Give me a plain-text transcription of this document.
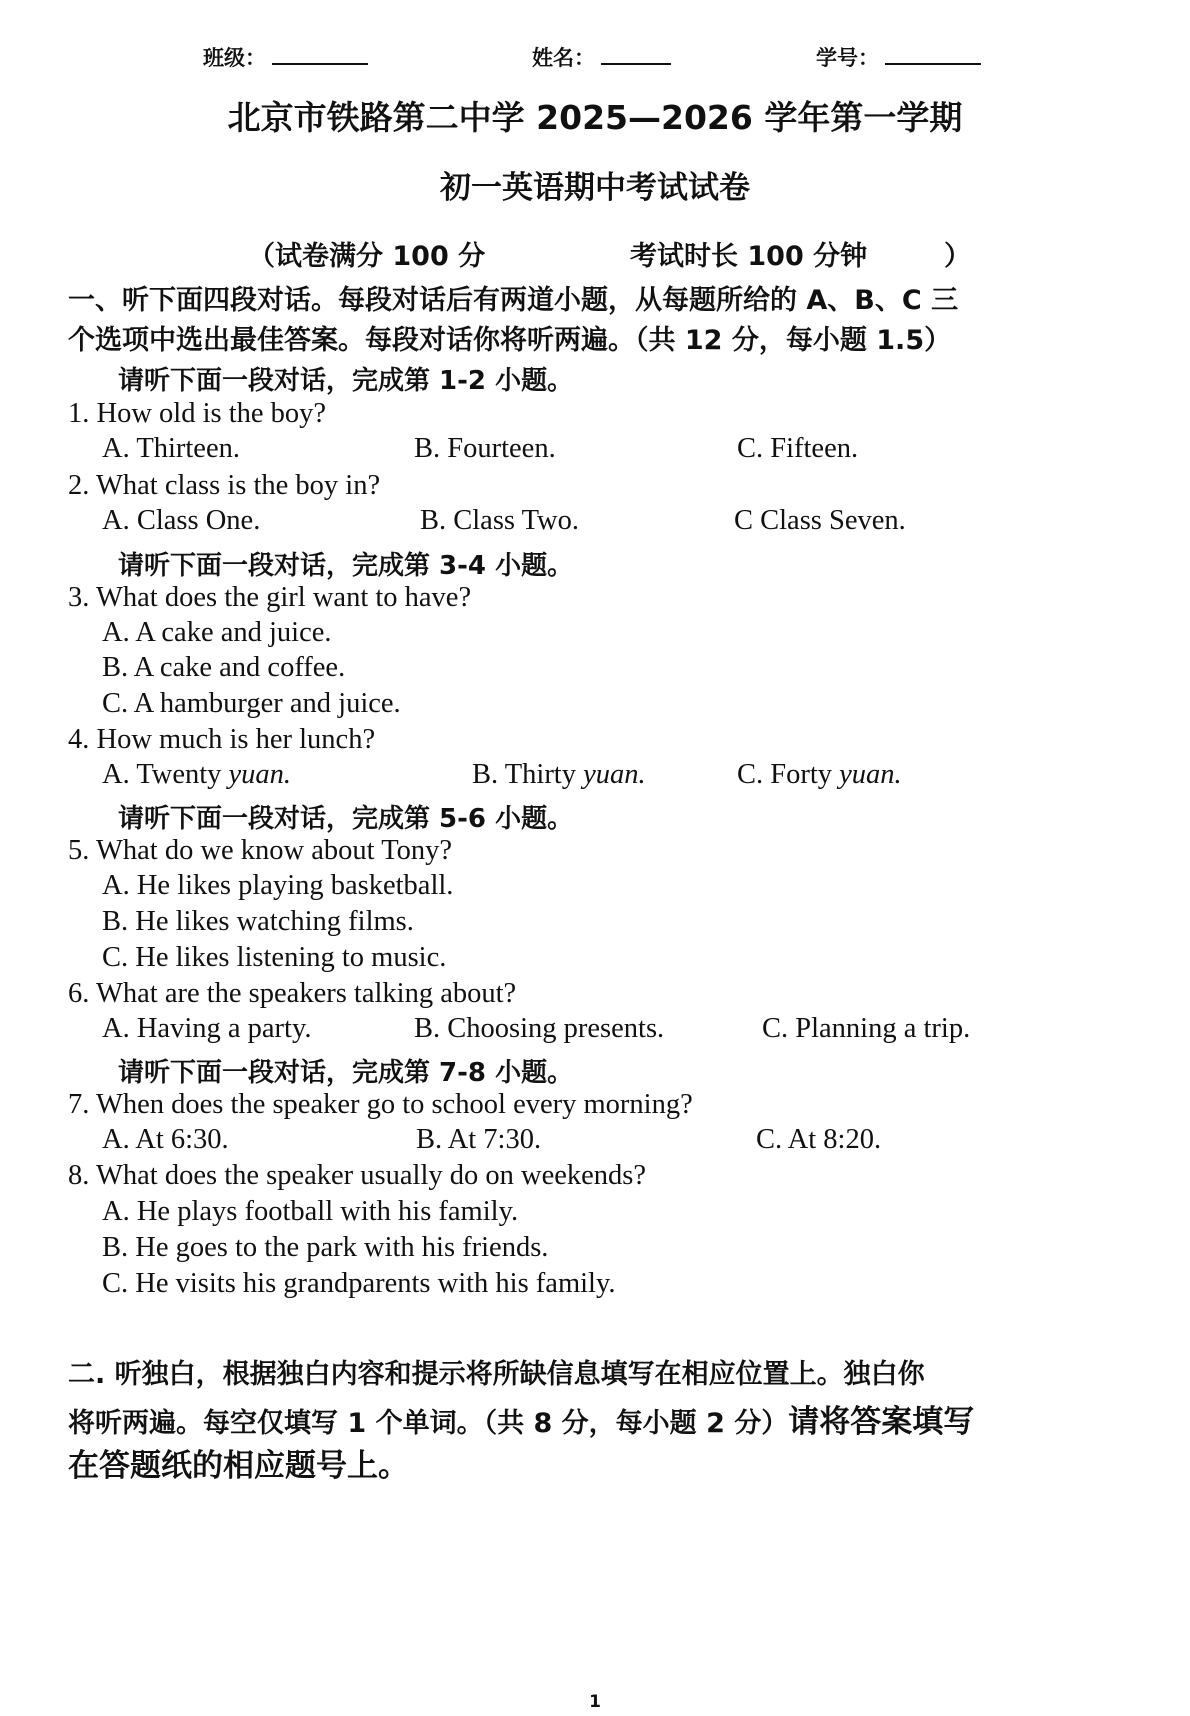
班级：	姓名：	学号：
北京市铁路第二中学 2025—2026 学年第一学期
初一英语期中考试试卷
（试卷满分 100 分	考试时长 100 分钟	）
一、听下面四段对话。每段对话后有两道小题，从每题所给的 A、B、C 三
个选项中选出最佳答案。每段对话你将听两遍。（共 12 分，每小题 1.5）
请听下面一段对话，完成第 1-2 小题。
1. How old is the boy?
A. Thirteen.	B. Fourteen.	C. Fifteen.
2. What class is the boy in?
A. Class One.	B. Class Two.	C Class Seven.
请听下面一段对话，完成第 3-4 小题。
3. What does the girl want to have?
A. A cake and juice.
B. A cake and coffee.
C. A hamburger and juice.
4. How much is her lunch?
A. Twenty yuan.	B. Thirty yuan.	C. Forty yuan.
请听下面一段对话，完成第 5-6 小题。
5. What do we know about Tony?
A. He likes playing basketball.
B. He likes watching films.
C. He likes listening to music.
6. What are the speakers talking about?
A. Having a party.	B. Choosing presents.	C. Planning a trip.
请听下面一段对话，完成第 7-8 小题。
7. When does the speaker go to school every morning?
A. At 6:30.	B. At 7:30.	C. At 8:20.
8. What does the speaker usually do on weekends?
A. He plays football with his family.
B. He goes to the park with his friends.
C. He visits his grandparents with his family.
二. 听独白，根据独白内容和提示将所缺信息填写在相应位置上。独白你
将听两遍。每空仅填写 1 个单词。（共 8 分，每小题 2 分）请将答案填写
在答题纸的相应题号上。
1
